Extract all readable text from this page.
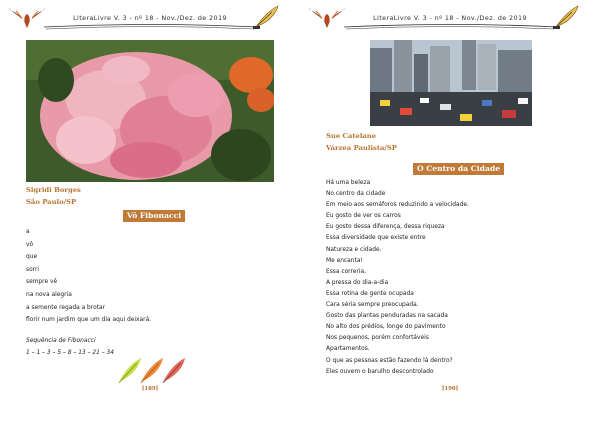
LiteraLivre V. 3 - nº 18 - Nov./Dez. de 2019
Sigridi Borges
São Paulo/SP
Vô Fibonacci
a
vô
que
sorri
sempre vê
na nova alegria
a semente regada a brotar
florir num jardim que um dia aqui deixará.
Sequência de Fibonacci
1 – 1 – 3 – 5 – 8 – 13 – 21 – 34
[189]
LiteraLivre V. 3 - nº 18 - Nov./Dez. de 2019
Sue Catelane
Várzea Paulista/SP
O Centro da Cidade
Há uma beleza
No centro da cidade
Em meio aos semáforos reduzindo a velocidade.
Eu gosto de ver os carros
Eu gosto dessa diferença, dessa riqueza
Essa diversidade que existe entre
Natureza e cidade.
Me encanta!
Essa correria,
A pressa do dia-a-dia
Essa rotina de gente ocupada
Cara séria sempre preocupada.
Gosto das plantas penduradas na sacada
No alto dos prédios, longe do pavimento
Nos pequenos, porém confortáveis
Apartamentos.
O que as pessoas estão fazendo lá dentro?
Eles ouvem o barulho descontrolado
[190]
